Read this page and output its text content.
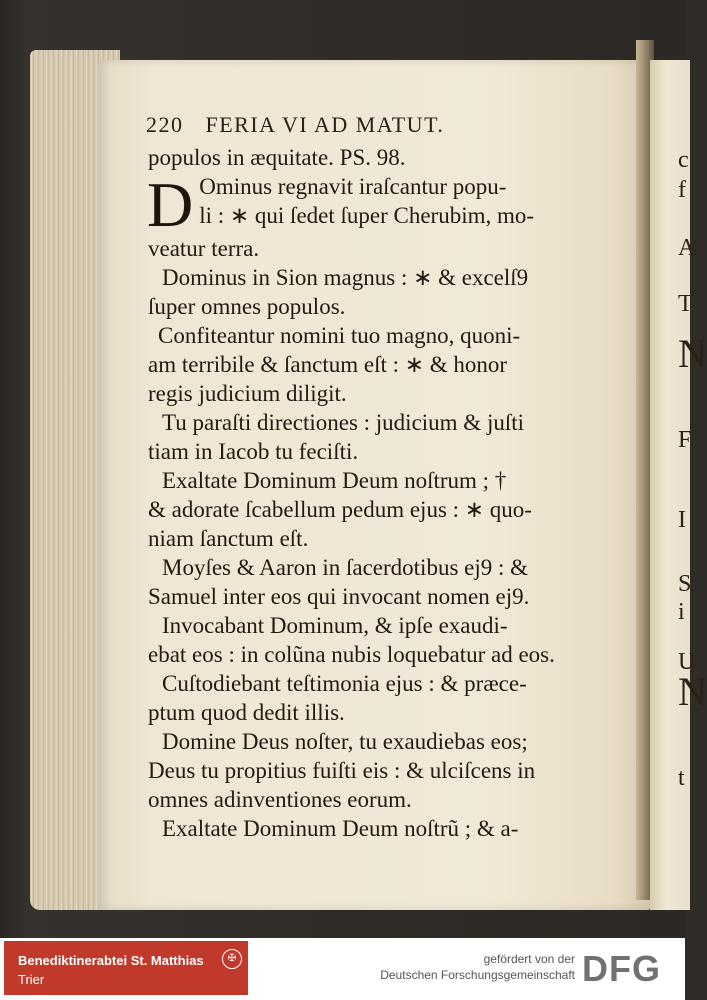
c
f
A
T
N
F
I
S
i
U
N
t
220 FERIA VI AD MATUT.
populos in æquitate. PS. 98.
D Ominus regnavit iraſcantur popu-
li : ∗ qui ſedet ſuper Cherubim, mo-
veatur terra.
Dominus in Sion magnus : ∗ & excelſ9
ſuper omnes populos.
Confiteantur nomini tuo magno, quoni-
am terribile & ſanctum eſt : ∗ & honor
regis judicium diligit.
Tu paraſti directiones : judicium & juſti
tiam in Iacob tu feciſti.
Exaltate Dominum Deum noſtrum ; †
& adorate ſcabellum pedum ejus : ∗ quo-
niam ſanctum eſt.
Moyſes & Aaron in ſacerdotibus ej9 : &
Samuel inter eos qui invocant nomen ej9.
Invocabant Dominum, & ipſe exaudi-
ebat eos : in colũna nubis loquebatur ad eos.
Cuſtodiebant teſtimonia ejus : & præce-
ptum quod dedit illis.
Domine Deus noſter, tu exaudiebas eos;
Deus tu propitius fuiſti eis : & ulciſcens in
omnes adinventiones eorum.
Exaltate Dominum Deum noſtrũ ; & a-
Benediktinerabtei St. Matthias
Trier
✠	gefördert von der
Deutschen Forschungsgemeinschaft DFG
